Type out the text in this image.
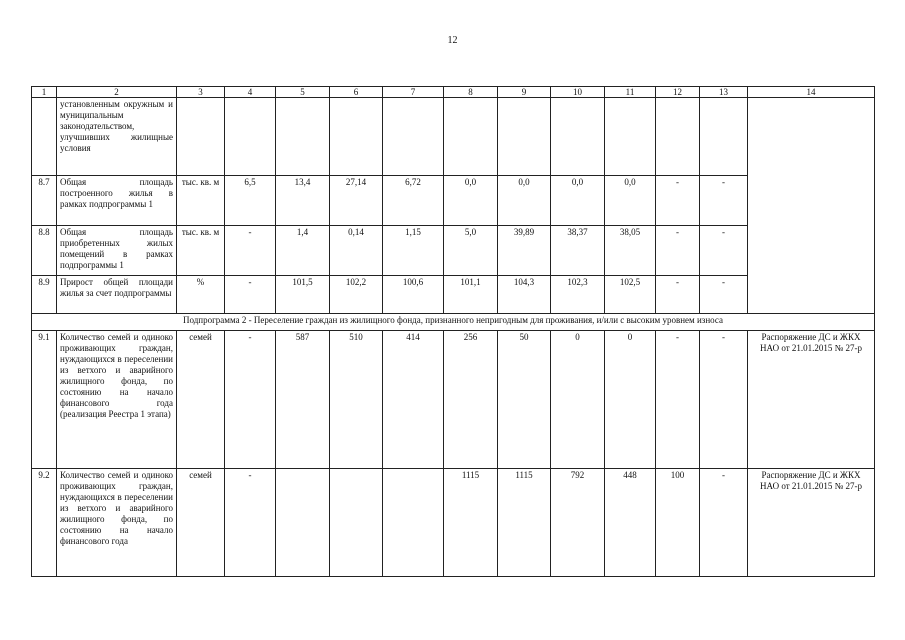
12
1	2	3	4	5	6	7	8	9	10	11	12	13	14
	установленным окружным и муниципальным законодательством, улучшивших жилищные условия												
8.7	Общая площадь построенного жилья в рамках подпрограммы 1	тыс. кв. м	6,5	13,4	27,14	6,72	0,0	0,0	0,0	0,0	-	-	
8.8	Общая площадь приобретенных жилых помещений в рамках подпрограммы 1	тыс. кв. м	-	1,4	0,14	1,15	5,0	39,89	38,37	38,05	-	-	
8.9	Прирост общей площади жилья за счет подпрограммы	%	-	101,5	102,2	100,6	101,1	104,3	102,3	102,5	-	-	
Подпрограмма 2 - Переселение граждан из жилищного фонда, признанного непригодным для проживания, и/или с высоким уровнем износа													
9.1	Количество семей и одиноко проживающих граждан, нуждающихся в переселении из ветхого и аварийного жилищного фонда, по состоянию на начало финансового года (реализация Реестра 1 этапа)	семей	-	587	510	414	256	50	0	0	-	-	Распоряжение ДС и ЖКХ НАО от 21.01.2015 № 27-р
9.2	Количество семей и одиноко проживающих граждан, нуждающихся в переселении из ветхого и аварийного жилищного фонда, по состоянию на начало финансового года	семей	-				1115	1115	792	448	100	-	Распоряжение ДС и ЖКХ НАО от 21.01.2015 № 27-р
